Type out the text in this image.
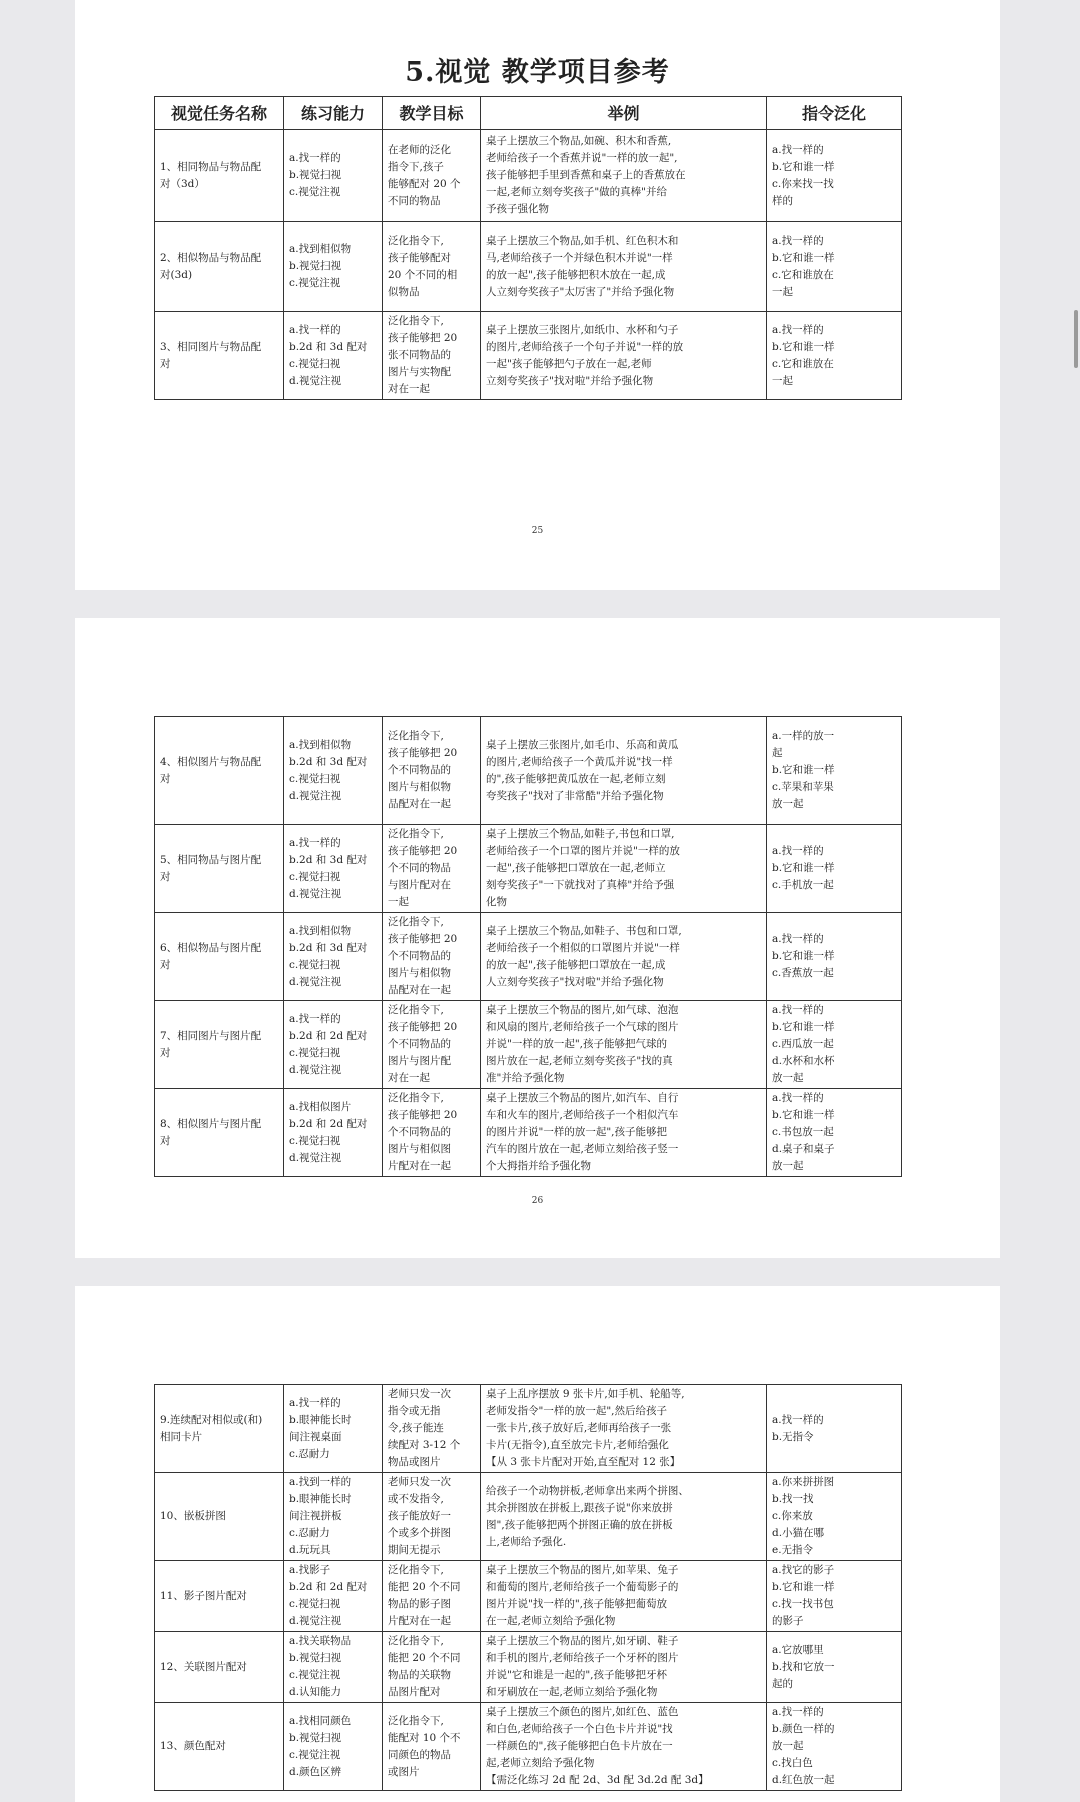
5.视觉 教学项目参考
视觉任务名称	练习能力	教学目标	举例	指令泛化

1、相同物品与物品配
对（3d）	a.找一样的
b.视觉扫视
c.视觉注视	在老师的泛化
指令下,孩子
能够配对 20 个
不同的物品	桌子上摆放三个物品,如碗、积木和香蕉,
老师给孩子一个香蕉并说"一样的放一起",
孩子能够把手里到香蕉和桌子上的香蕉放在
一起,老师立刻夸奖孩子"做的真棒"并给
予孩子强化物	a.找一样的
b.它和谁一样
c.你来找一找
样的

2、相似物品与物品配
对(3d)	a.找到相似物
b.视觉扫视
c.视觉注视	泛化指令下,
孩子能够配对
20 个不同的相
似物品	桌子上摆放三个物品,如手机、红色积木和
马,老师给孩子一个并绿色积木并说"一样
的放一起",孩子能够把积木放在一起,成
人立刻夸奖孩子"太厉害了"并给予强化物	a.找一样的
b.它和谁一样
c.它和谁放在
一起

3、相同图片与物品配
对	a.找一样的
b.2d 和 3d 配对
c.视觉扫视
d.视觉注视	泛化指令下,
孩子能够把 20
张不同物品的
图片与实物配
对在一起	桌子上摆放三张图片,如纸巾、水杯和勺子
的图片,老师给孩子一个句子并说"一样的放
一起"孩子能够把勺子放在一起,老师
立刻夸奖孩子"找对啦"并给予强化物	a.找一样的
b.它和谁一样
c.它和谁放在
一起
25
4、相似图片与物品配
对	a.找到相似物
b.2d 和 3d 配对
c.视觉扫视
d.视觉注视	泛化指令下,
孩子能够把 20
个不同物品的
图片与相似物
品配对在一起	桌子上摆放三张图片,如毛巾、乐高和黄瓜
的图片,老师给孩子一个黄瓜并说"找一样
的",孩子能够把黄瓜放在一起,老师立刻
夸奖孩子"找对了非常酷"并给予强化物	a.一样的放一
起
b.它和谁一样
c.苹果和苹果
放一起

5、相同物品与图片配
对	a.找一样的
b.2d 和 3d 配对
c.视觉扫视
d.视觉注视	泛化指令下,
孩子能够把 20
个不同的物品
与图片配对在
一起	桌子上摆放三个物品,如鞋子,书包和口罩,
老师给孩子一个口罩的图片并说"一样的放
一起",孩子能够把口罩放在一起,老师立
刻夸奖孩子"一下就找对了真棒"并给予强
化物	a.找一样的
b.它和谁一样
c.手机放一起

6、相似物品与图片配
对	a.找到相似物
b.2d 和 3d 配对
c.视觉扫视
d.视觉注视	泛化指令下,
孩子能够把 20
个不同物品的
图片与相似物
品配对在一起	桌子上摆放三个物品,如鞋子、书包和口罩,
老师给孩子一个相似的口罩图片并说"一样
的放一起",孩子能够把口罩放在一起,成
人立刻夸奖孩子"找对啦"并给予强化物	a.找一样的
b.它和谁一样
c.香蕉放一起

7、相同图片与图片配
对	a.找一样的
b.2d 和 2d 配对
c.视觉扫视
d.视觉注视	泛化指令下,
孩子能够把 20
个不同物品的
图片与图片配
对在一起	桌子上摆放三个物品的图片,如气球、泡泡
和风扇的图片,老师给孩子一个气球的图片
并说"一样的放一起",孩子能够把气球的
图片放在一起,老师立刻夸奖孩子"找的真
准"并给予强化物	a.找一样的
b.它和谁一样
c.西瓜放一起
d.水杯和水杯
放一起

8、相似图片与图片配
对	a.找相似图片
b.2d 和 2d 配对
c.视觉扫视
d.视觉注视	泛化指令下,
孩子能够把 20
个不同物品的
图片与相似图
片配对在一起	桌子上摆放三个物品的图片,如汽车、自行
车和火车的图片,老师给孩子一个相似汽车
的图片并说"一样的放一起",孩子能够把
汽车的图片放在一起,老师立刻给孩子竖一
个大拇指并给予强化物	a.找一样的
b.它和谁一样
c.书包放一起
d.桌子和桌子
放一起
26
9.连续配对相似或(和)
相同卡片	a.找一样的
b.眼神能长时
间注视桌面
c.忍耐力	老师只发一次
指令或无指
令,孩子能连
续配对 3-12 个
物品或图片	桌子上乱序摆放 9 张卡片,如手机、轮船等,
老师发指令"一样的放一起",然后给孩子
一张卡片,孩子放好后,老师再给孩子一张
卡片(无指令),直至放完卡片,老师给强化
【从 3 张卡片配对开始,直至配对 12 张】	a.找一样的
b.无指令

10、嵌板拼图	a.找到一样的
b.眼神能长时
间注视拼板
c.忍耐力
d.玩玩具	老师只发一次
或不发指令,
孩子能放好一
个或多个拼图
期间无提示	给孩子一个动物拼板,老师拿出来两个拼图、
其余拼图放在拼板上,跟孩子说"你来放拼
图",孩子能够把两个拼图正确的放在拼板
上,老师给予强化.	a.你来拼拼图
b.找一找
c.你来放
d.小猫在哪
e.无指令

11、影子图片配对	a.找影子
b.2d 和 2d 配对
c.视觉扫视
d.视觉注视	泛化指令下,
能把 20 个不同
物品的影子图
片配对在一起	桌子上摆放三个物品的图片,如苹果、兔子
和葡萄的图片,老师给孩子一个葡萄影子的
图片并说"找一样的",孩子能够把葡萄放
在一起,老师立刻给予强化物	a.找它的影子
b.它和谁一样
c.找一找书包
的影子

12、关联图片配对	a.找关联物品
b.视觉扫视
c.视觉注视
d.认知能力	泛化指令下,
能把 20 个不同
物品的关联物
品图片配对	桌子上摆放三个物品的图片,如牙刷、鞋子
和手机的图片,老师给孩子一个牙杯的图片
并说"它和谁是一起的",孩子能够把牙杯
和牙刷放在一起,老师立刻给予强化物	a.它放哪里
b.找和它放一
起的

13、颜色配对	a.找相同颜色
b.视觉扫视
c.视觉注视
d.颜色区辨	泛化指令下,
能配对 10 个不
同颜色的物品
或图片	桌子上摆放三个颜色的图片,如红色、蓝色
和白色,老师给孩子一个白色卡片并说"找
一样颜色的",孩子能够把白色卡片放在一
起,老师立刻给予强化物
【需泛化练习 2d 配 2d、3d 配 3d.2d 配 3d】	a.找一样的
b.颜色一样的
放一起
c.找白色
d.红色放一起
